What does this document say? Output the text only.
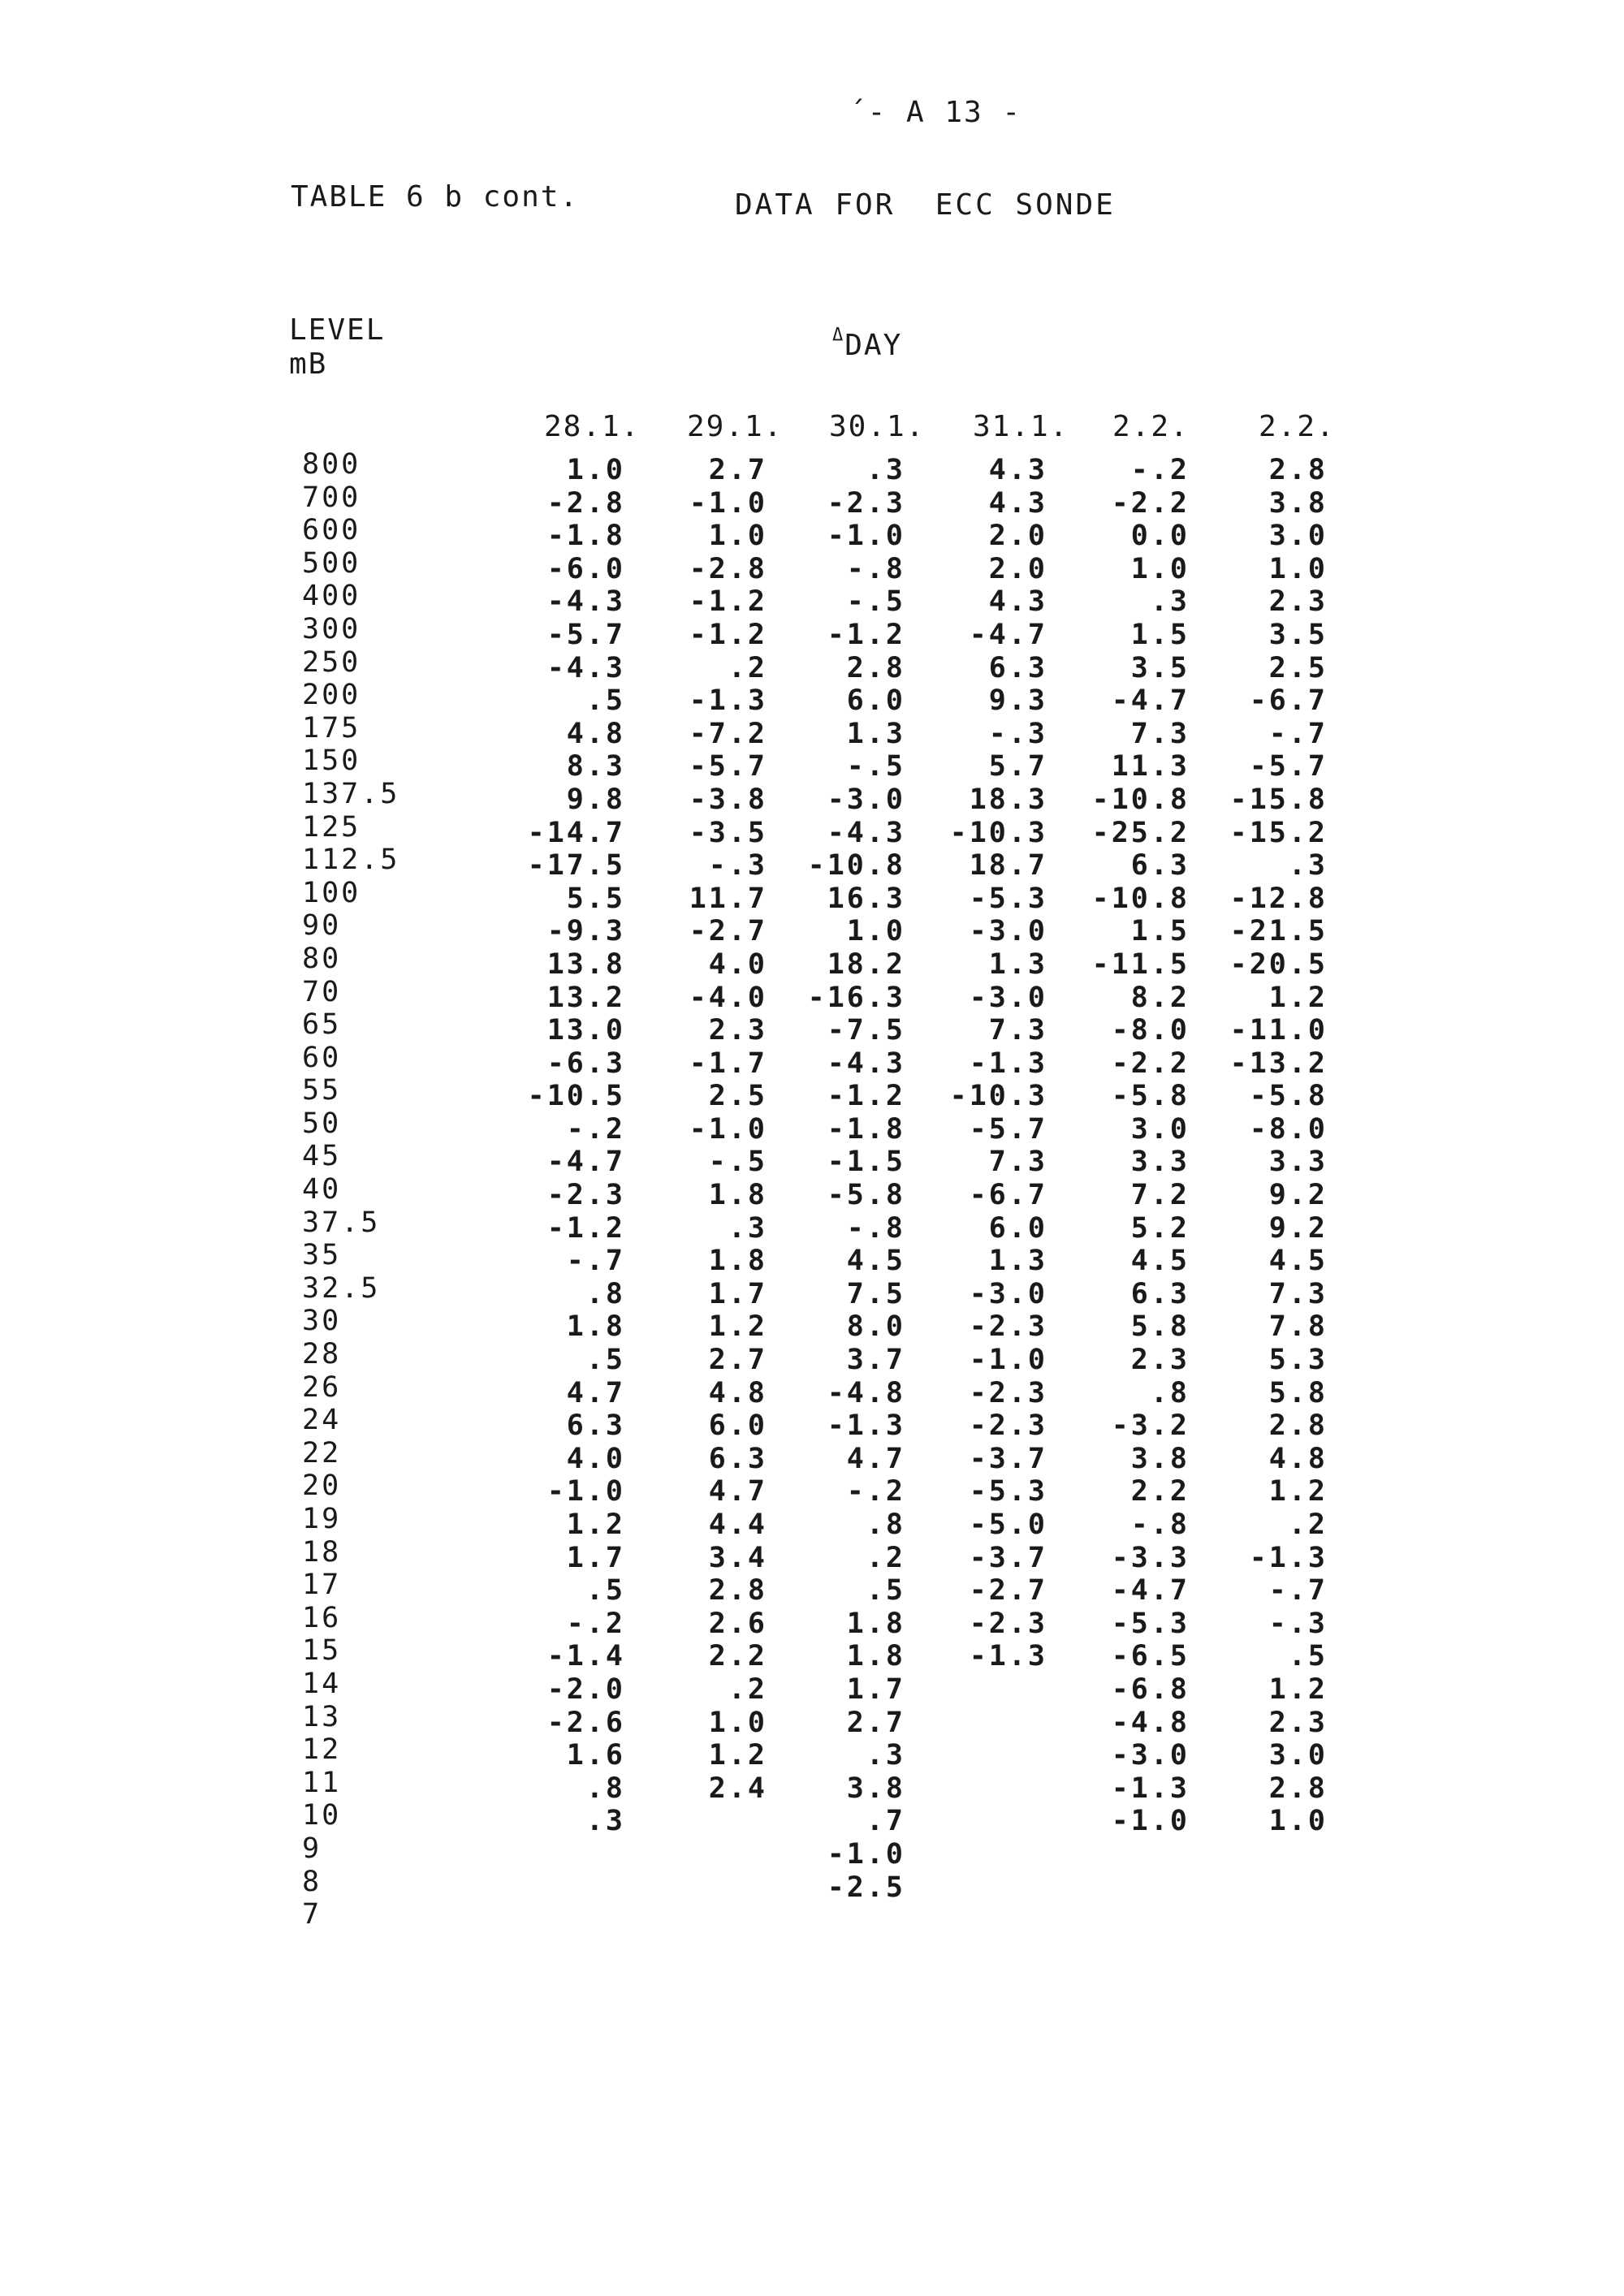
´- A 13 -
TABLE 6 b cont.	DATA FOR  ECC SONDE
LEVEL
mB
$^\Delta$DAY
28.1. 29.1. 30.1. 31.1. 2.2. 2.2.
800
700
600
500
400
300
250
200
175
150
137.5
125
112.5
100
90
80
70
65
60
55
50
45
40
37.5
35
32.5
30
28
26
24
22
20
19
18
17
16
15
14
13
12
11
10
9
8
7
1.0
-2.8
-1.8
-6.0
-4.3
-5.7
-4.3
.5
4.8
8.3
9.8
-14.7
-17.5
5.5
-9.3
13.8
13.2
13.0
-6.3
-10.5
-.2
-4.7
-2.3
-1.2
-.7
.8
1.8
.5
4.7
6.3
4.0
-1.0
1.2
1.7
.5
-.2
-1.4
-2.0
-2.6
1.6
.8
.3
2.7
-1.0
1.0
-2.8
-1.2
-1.2
.2
-1.3
-7.2
-5.7
-3.8
-3.5
-.3
11.7
-2.7
4.0
-4.0
2.3
-1.7
2.5
-1.0
-.5
1.8
.3
1.8
1.7
1.2
2.7
4.8
6.0
6.3
4.7
4.4
3.4
2.8
2.6
2.2
.2
1.0
1.2
2.4
.3
-2.3
-1.0
-.8
-.5
-1.2
2.8
6.0
1.3
-.5
-3.0
-4.3
-10.8
16.3
1.0
18.2
-16.3
-7.5
-4.3
-1.2
-1.8
-1.5
-5.8
-.8
4.5
7.5
8.0
3.7
-4.8
-1.3
4.7
-.2
.8
.2
.5
1.8
1.8
1.7
2.7
.3
3.8
.7
-1.0
-2.5
4.3
4.3
2.0
2.0
4.3
-4.7
6.3
9.3
-.3
5.7
18.3
-10.3
18.7
-5.3
-3.0
1.3
-3.0
7.3
-1.3
-10.3
-5.7
7.3
-6.7
6.0
1.3
-3.0
-2.3
-1.0
-2.3
-2.3
-3.7
-5.3
-5.0
-3.7
-2.7
-2.3
-1.3
-.2
-2.2
0.0
1.0
.3
1.5
3.5
-4.7
7.3
11.3
-10.8
-25.2
6.3
-10.8
1.5
-11.5
8.2
-8.0
-2.2
-5.8
3.0
3.3
7.2
5.2
4.5
6.3
5.8
2.3
.8
-3.2
3.8
2.2
-.8
-3.3
-4.7
-5.3
-6.5
-6.8
-4.8
-3.0
-1.3
-1.0
2.8
3.8
3.0
1.0
2.3
3.5
2.5
-6.7
-.7
-5.7
-15.8
-15.2
.3
-12.8
-21.5
-20.5
1.2
-11.0
-13.2
-5.8
-8.0
3.3
9.2
9.2
4.5
7.3
7.8
5.3
5.8
2.8
4.8
1.2
.2
-1.3
-.7
-.3
.5
1.2
2.3
3.0
2.8
1.0
